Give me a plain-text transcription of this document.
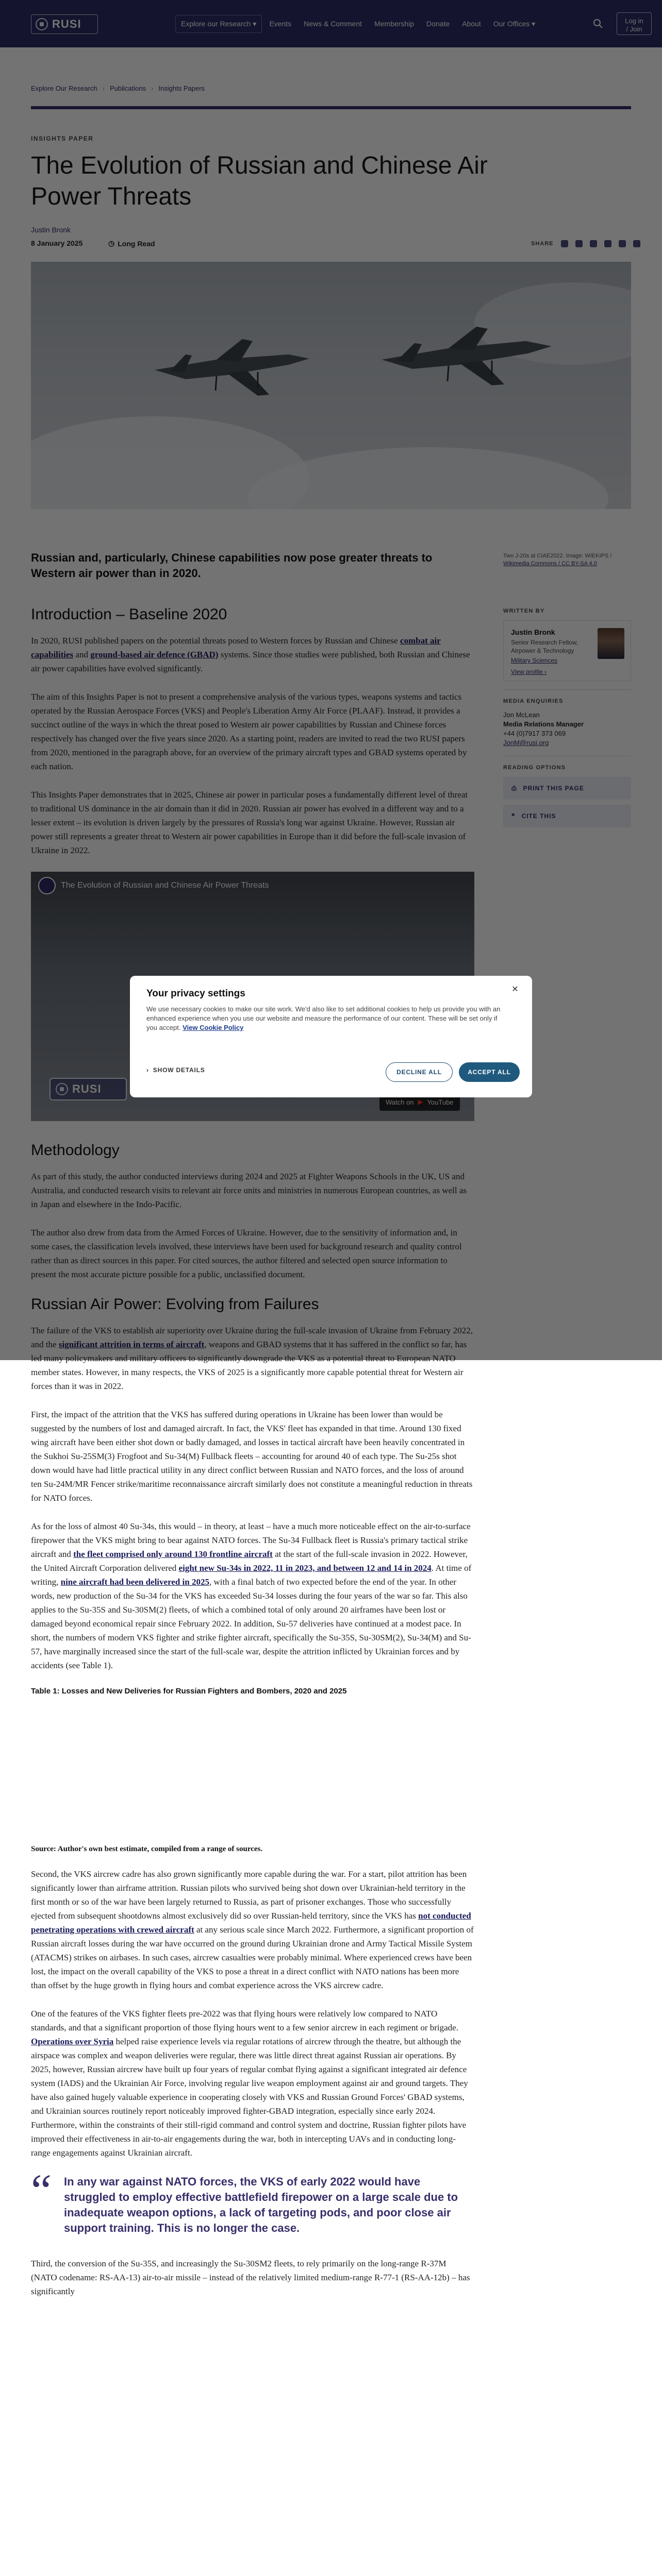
member states. However, in many respects, the VKS of 2025 is a significantly more capable potential threat for Western air forces than it was in 2022.

First, the impact of the attrition that the VKS has suffered during operations in Ukraine has been lower than would be suggested by the numbers of lost and damaged aircraft. In fact, the VKS' fleet has expanded in that time. Around 130 fixed wing aircraft have been either shot down or badly damaged, and losses in tactical aircraft have been heavily concentrated in the Sukhoi Su-25SM(3) Frogfoot and Su-34(M) Fullback fleets – accounting for around 40 of each type. The Su-25s shot down would have had little practical utility in any direct conflict between Russian and NATO forces, and the loss of around ten Su-24M/MR Fencer strike/maritime reconnaissance aircraft similarly does not constitute a meaningful reduction in threats for NATO forces.

As for the loss of almost 40 Su-34s, this would – in theory, at least – have a much more noticeable effect on the air-to-surface firepower that the VKS might bring to bear against NATO forces. The Su-34 Fullback fleet is Russia's primary tactical strike aircraft and the fleet comprised only around 130 frontline aircraft at the start of the full-scale invasion in 2022. However, the United Aircraft Corporation delivered eight new Su-34s in 2022, 11 in 2023, and between 12 and 14 in 2024. At time of writing, nine aircraft had been delivered in 2025, with a final batch of two expected before the end of the year. In other words, new production of the Su-34 for the VKS has exceeded Su-34 losses during the four years of the war so far. This also applies to the Su-35S and Su-30SM(2) fleets, of which a combined total of only around 20 airframes have been lost or damaged beyond economical repair since February 2022. In addition, Su-57 deliveries have continued at a modest pace. In short, the numbers of modern VKS fighter and strike fighter aircraft, specifically the Su-35S, Su-30SM(2), Su-34(M) and Su-57, have marginally increased since the start of the full-scale war, despite the attrition inflicted by Ukrainian forces and by accidents (see Table 1).

Table 1: Losses and New Deliveries for Russian Fighters and Bombers, 2020 and 2025

Source: Author's own best estimate, compiled from a range of sources.

Second, the VKS aircrew cadre has also grown significantly more capable during the war. For a start, pilot attrition has been significantly lower than airframe attrition. Russian pilots who survived being shot down over Ukrainian-held territory in the first month or so of the war have been largely returned to Russia, as part of prisoner exchanges. Those who successfully ejected from subsequent shootdowns almost exclusively did so over Russian-held territory, since the VKS has not conducted penetrating operations with crewed aircraft at any serious scale since March 2022. Furthermore, a significant proportion of Russian aircraft losses during the war have occurred on the ground during Ukrainian drone and Army Tactical Missile System (ATACMS) strikes on airbases. In such cases, aircrew casualties were probably minimal. Where experienced crews have been lost, the impact on the overall capability of the VKS to pose a threat in a direct conflict with NATO nations has been more than offset by the huge growth in flying hours and combat experience across the VKS aircrew cadre.

One of the features of the VKS fighter fleets pre-2022 was that flying hours were relatively low compared to NATO standards, and that a significant proportion of those flying hours went to a few senior aircrew in each regiment or brigade. Operations over Syria helped raise experience levels via regular rotations of aircrew through the theatre, but although the airspace was complex and weapon deliveries were regular, there was little direct threat against Russian air operations. By 2025, however, Russian aircrew have built up four years of regular combat flying against a significant integrated air defence system (IADS) and the Ukrainian Air Force, involving regular live weapon employment against air and ground targets. They have also gained hugely valuable experience in cooperating closely with VKS and Russian Ground Forces' GBAD systems, and Ukrainian sources routinely report noticeably improved fighter-GBAD integration, especially since early 2024. Furthermore, within the constraints of their still-rigid command and control system and doctrine, Russian fighter pilots have improved their effectiveness in air-to-air engagements during the war, both in intercepting UAVs and in conducting long-range engagements against Ukrainian aircraft.

“ In any war against NATO forces, the VKS of early 2022 would have struggled to employ effective battlefield firepower on a large scale due to inadequate weapon options, a lack of targeting pods, and poor close air support training. This is no longer the case.

Third, the conversion of the Su-35S, and increasingly the Su-30SM2 fleets, to rely primarily on the long-range R-37M (NATO codename: RS-AA-13) air-to-air missile – instead of the relatively limited medium-range R-77-1 (RS-AA-12b) – has significantly

✕
Your privacy settings

We use necessary cookies to make our site work. We'd also like to set additional cookies to help us provide you with an enhanced experience when you use our website and measure the performance of our content. These will be set only if you accept. View Cookie Policy

› SHOW DETAILS	DECLINE ALL	ACCEPT ALL
